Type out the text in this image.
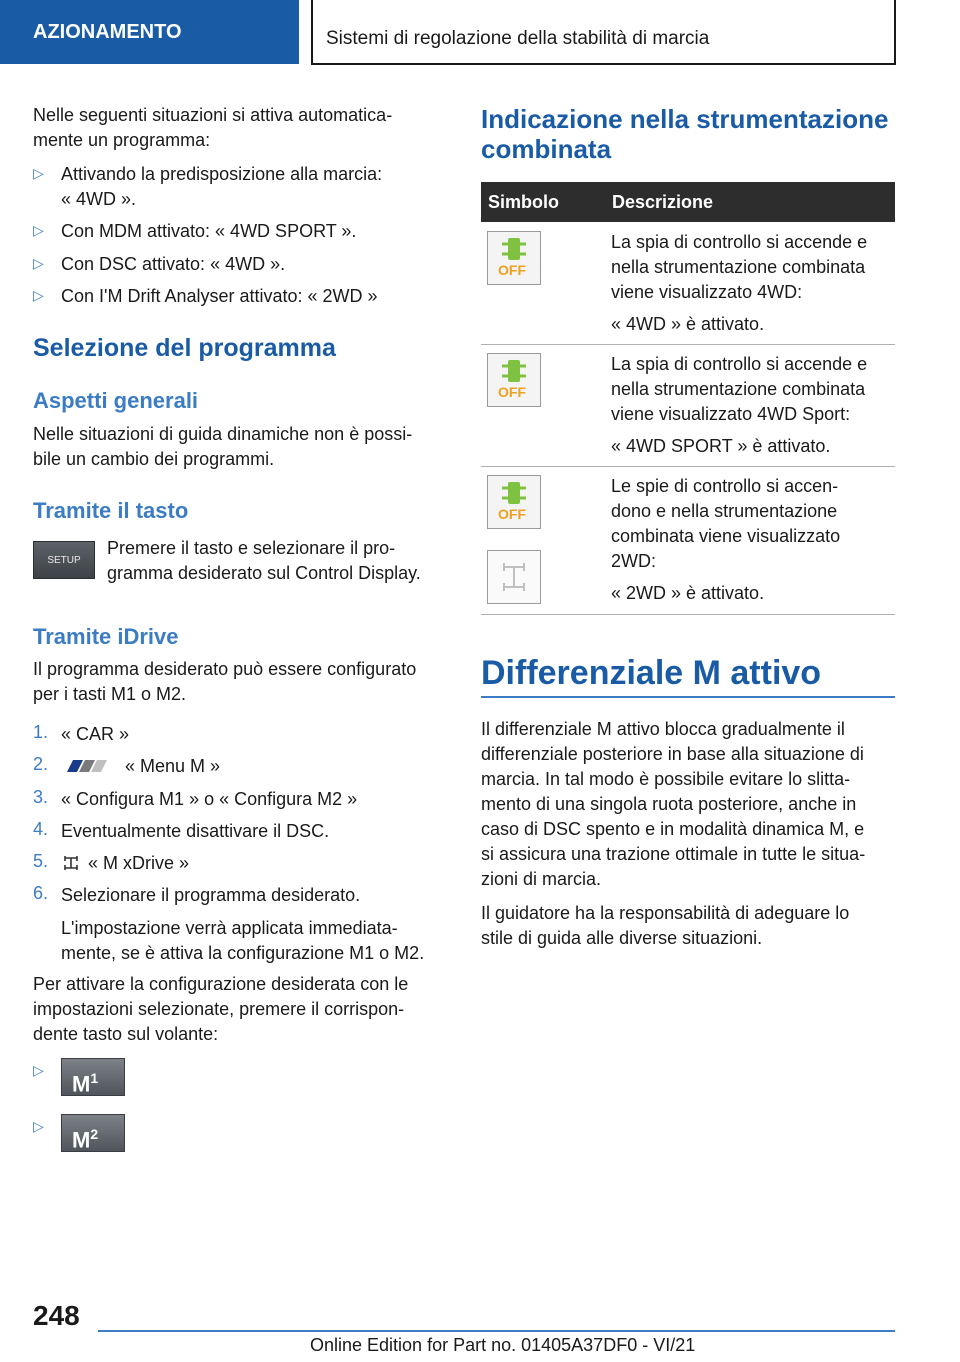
AZIONAMENTO	Sistemi di regolazione della stabilità di marcia

Nelle seguenti situazioni si attiva automatica-

mente un programma:

▷ Attivando la predisposizione alla marcia:

« 4WD ».

▷ Con MDM attivato: « 4WD SPORT ».

▷ Con DSC attivato: « 4WD ».

▷ Con I'M Drift Analyser attivato: « 2WD »

Selezione del programma
Aspetti generali

Nelle situazioni di guida dinamiche non è possi-

bile un cambio dei programmi.

Tramite il tasto
SETUP

Premere il tasto e selezionare il pro-

gramma desiderato sul Control Display.

Tramite iDrive

Il programma desiderato può essere configurato

per i tasti M1 o M2.

1. « CAR »

2.	« Menu M »

3. « Configura M1 » o « Configura M2 »

4. Eventualmente disattivare il DSC.

5. « M xDrive »

6. Selezionare il programma desiderato.

L'impostazione verrà applicata immediata-

mente, se è attiva la configurazione M1 o M2.

Per attivare la configurazione desiderata con le

impostazioni selezionate, premere il corrispon-

dente tasto sul volante:

▷
$M^1$
▷
$M^2$
Indicazione nella strumentazione
combinata
Simbolo	Descrizione
OFF

La spia di controllo si accende e

nella strumentazione combinata

viene visualizzato 4WD:

« 4WD » è attivato.

OFF

La spia di controllo si accende e

nella strumentazione combinata

viene visualizzato 4WD Sport:

« 4WD SPORT » è attivato.

OFF

Le spie di controllo si accen-

dono e nella strumentazione

combinata viene visualizzato

2WD:

« 2WD » è attivato.

Differenziale M attivo

Il differenziale M attivo blocca gradualmente il

differenziale posteriore in base alla situazione di

marcia. In tal modo è possibile evitare lo slitta-

mento di una singola ruota posteriore, anche in

caso di DSC spento e in modalità dinamica M, e

si assicura una trazione ottimale in tutte le situa-

zioni di marcia.

Il guidatore ha la responsabilità di adeguare lo

stile di guida alle diverse situazioni.

248
Online Edition for Part no. 01405A37DF0 - VI/21
